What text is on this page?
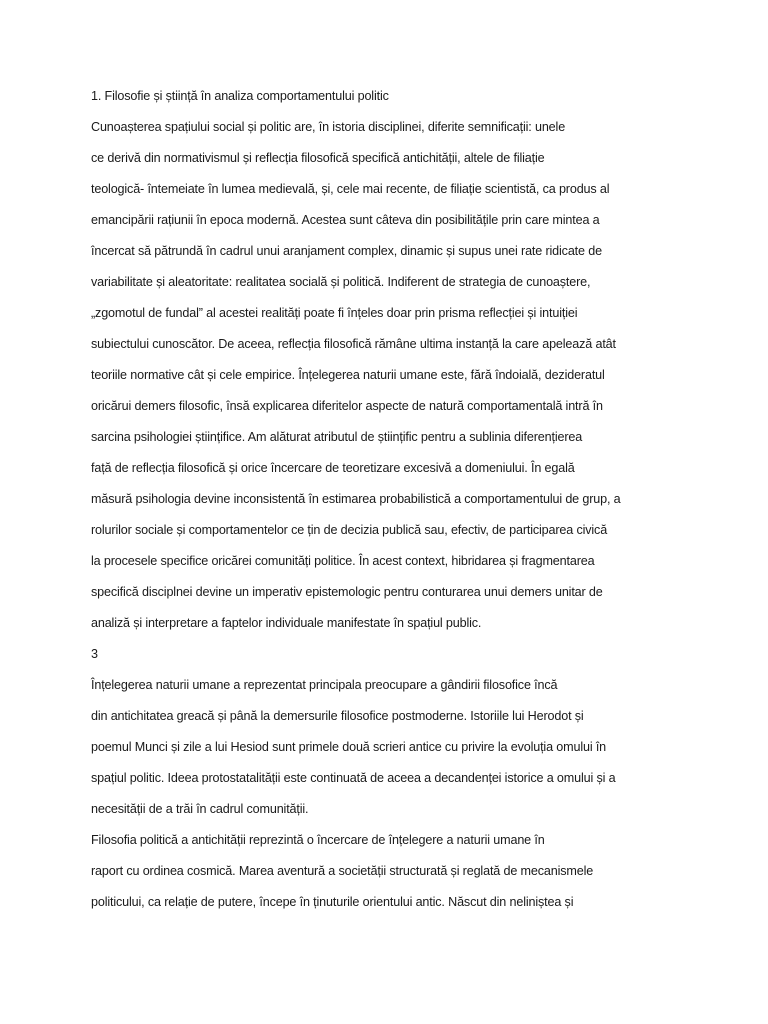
1. Filosofie și știință în analiza comportamentului politic

Cunoașterea spațiului social și politic are, în istoria disciplinei, diferite semnificații: unele

ce derivă din normativismul și reflecția filosofică specifică antichității, altele de filiație

teologică- întemeiate în lumea medievală, și, cele mai recente, de filiație scientistă, ca produs al

emancipării rațiunii în epoca modernă. Acestea sunt câteva din posibilitățile prin care mintea a

încercat să pătrundă în cadrul unui aranjament complex, dinamic și supus unei rate ridicate de

variabilitate și aleatoritate: realitatea socială și politică. Indiferent de strategia de cunoaștere,

„zgomotul de fundal” al acestei realități poate fi înțeles doar prin prisma reflecției și intuiției

subiectului cunoscător. De aceea, reflecția filosofică rămâne ultima instanță la care apelează atât

teoriile normative cât și cele empirice. Înțelegerea naturii umane este, fără îndoială, dezideratul

oricărui demers filosofic, însă explicarea diferitelor aspecte de natură comportamentală intră în

sarcina psihologiei științifice. Am alăturat atributul de științific pentru a sublinia diferențierea

față de reflecția filosofică și orice încercare de teoretizare excesivă a domeniului. În egală

măsură psihologia devine inconsistentă în estimarea probabilistică a comportamentului de grup, a

rolurilor sociale și comportamentelor ce țin de decizia publică sau, efectiv, de participarea civică

la procesele specifice oricărei comunități politice. În acest context, hibridarea și fragmentarea

specifică disciplnei devine un imperativ epistemologic pentru conturarea unui demers unitar de

analiză și interpretare a faptelor individuale manifestate în spațiul public.

3

Înțelegerea naturii umane a reprezentat principala preocupare a gândirii filosofice încă

din antichitatea greacă și până la demersurile filosofice postmoderne. Istoriile lui Herodot și

poemul Munci și zile a lui Hesiod sunt primele două scrieri antice cu privire la evoluția omului în

spațiul politic. Ideea protostatalității este continuată de aceea a decandenței istorice a omului și a

necesității de a trăi în cadrul comunității.

Filosofia politică a antichității reprezintă o încercare de înțelegere a naturii umane în

raport cu ordinea cosmică. Marea aventură a societății structurată și reglată de mecanismele

politicului, ca relație de putere, începe în ținuturile orientului antic. Născut din neliniștea și
